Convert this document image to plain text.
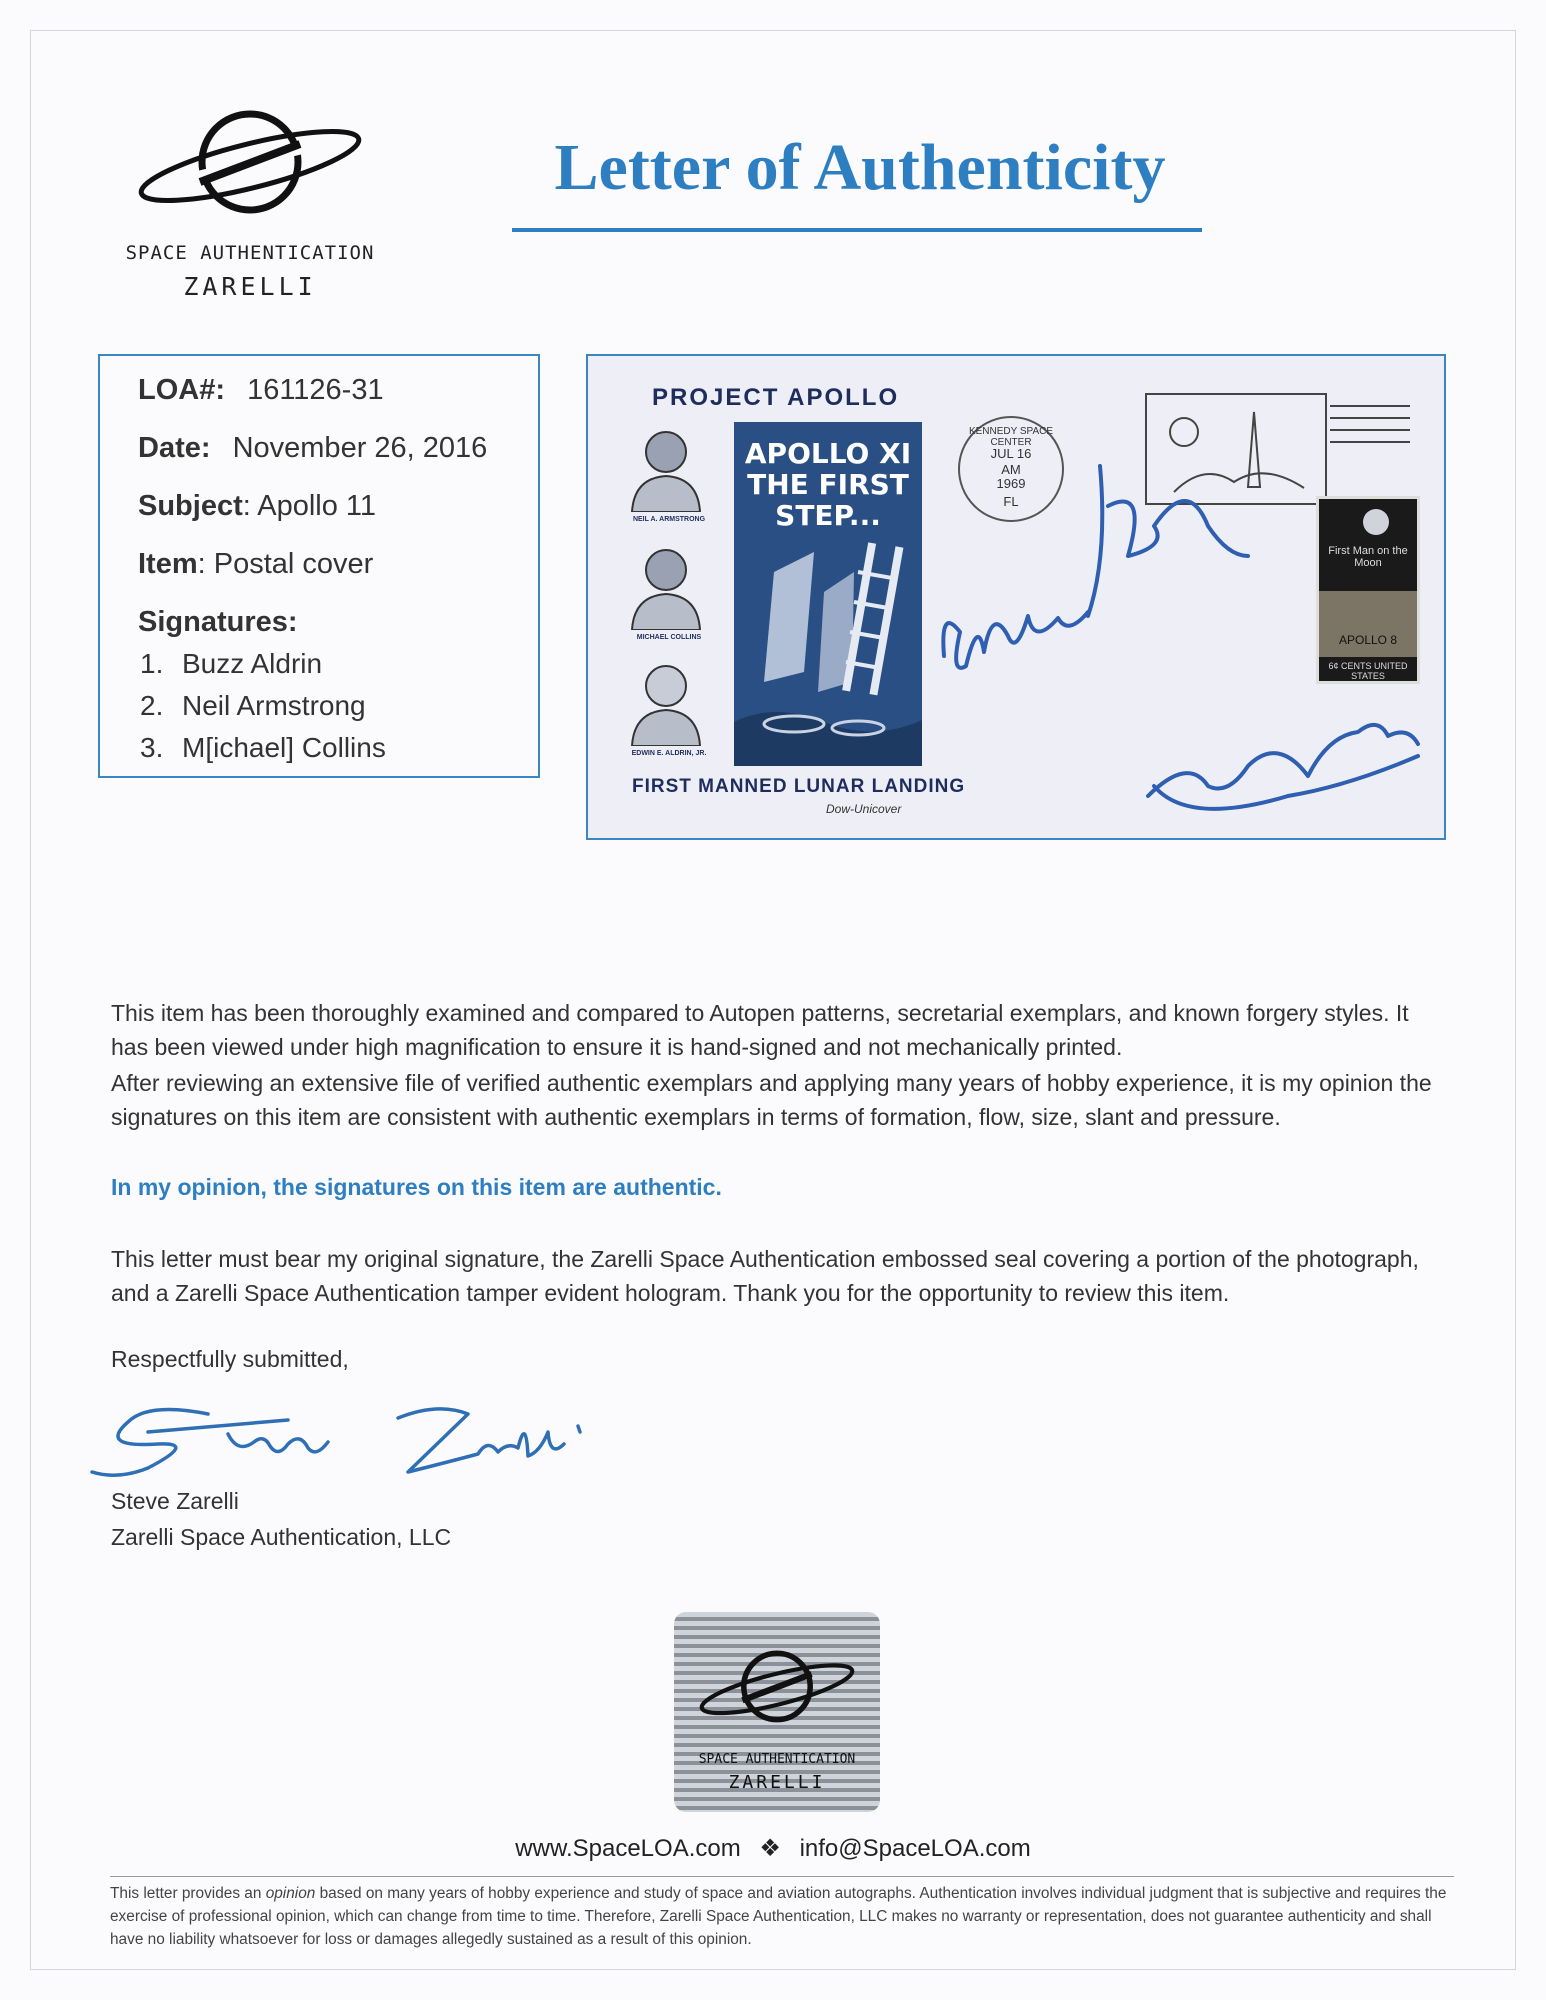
SPACE AUTHENTICATION
ZARELLI
Letter of Authenticity
LOA#: 161126-31
Date: November 26, 2016
Subject: Apollo 11
Item: Postal cover
Signatures:
1. Buzz Aldrin
2. Neil Armstrong
3. M[ichael] Collins
PROJECT APOLLO
NEIL A. ARMSTRONG
MICHAEL COLLINS
EDWIN E. ALDRIN, JR.
APOLLO XI
THE FIRST
STEP...
FIRST MANNED LUNAR LANDING
Dow-Unicover
KENNEDY SPACE CENTER
JUL 16
AM
1969
FL
First Man on the Moon
APOLLO 8
6¢ CENTS UNITED STATES
This item has been thoroughly examined and compared to Autopen patterns, secretarial exemplars, and known forgery styles. It has been viewed under high magnification to ensure it is hand-signed and not mechanically printed.
After reviewing an extensive file of verified authentic exemplars and applying many years of hobby experience, it is my opinion the signatures on this item are consistent with authentic exemplars in terms of formation, flow, size, slant and pressure.
In my opinion, the signatures on this item are authentic.
This letter must bear my original signature, the Zarelli Space Authentication embossed seal covering a portion of the photograph, and a Zarelli Space Authentication tamper evident hologram. Thank you for the opportunity to review this item.
Respectfully submitted,
Steve Zarelli
Zarelli Space Authentication, LLC
SPACE AUTHENTICATION
ZARELLI
www.SpaceLOA.com ❖ info@SpaceLOA.com
This letter provides an opinion based on many years of hobby experience and study of space and aviation autographs. Authentication involves individual judgment that is subjective and requires the exercise of professional opinion, which can change from time to time. Therefore, Zarelli Space Authentication, LLC makes no warranty or representation, does not guarantee authenticity and shall have no liability whatsoever for loss or damages allegedly sustained as a result of this opinion.
